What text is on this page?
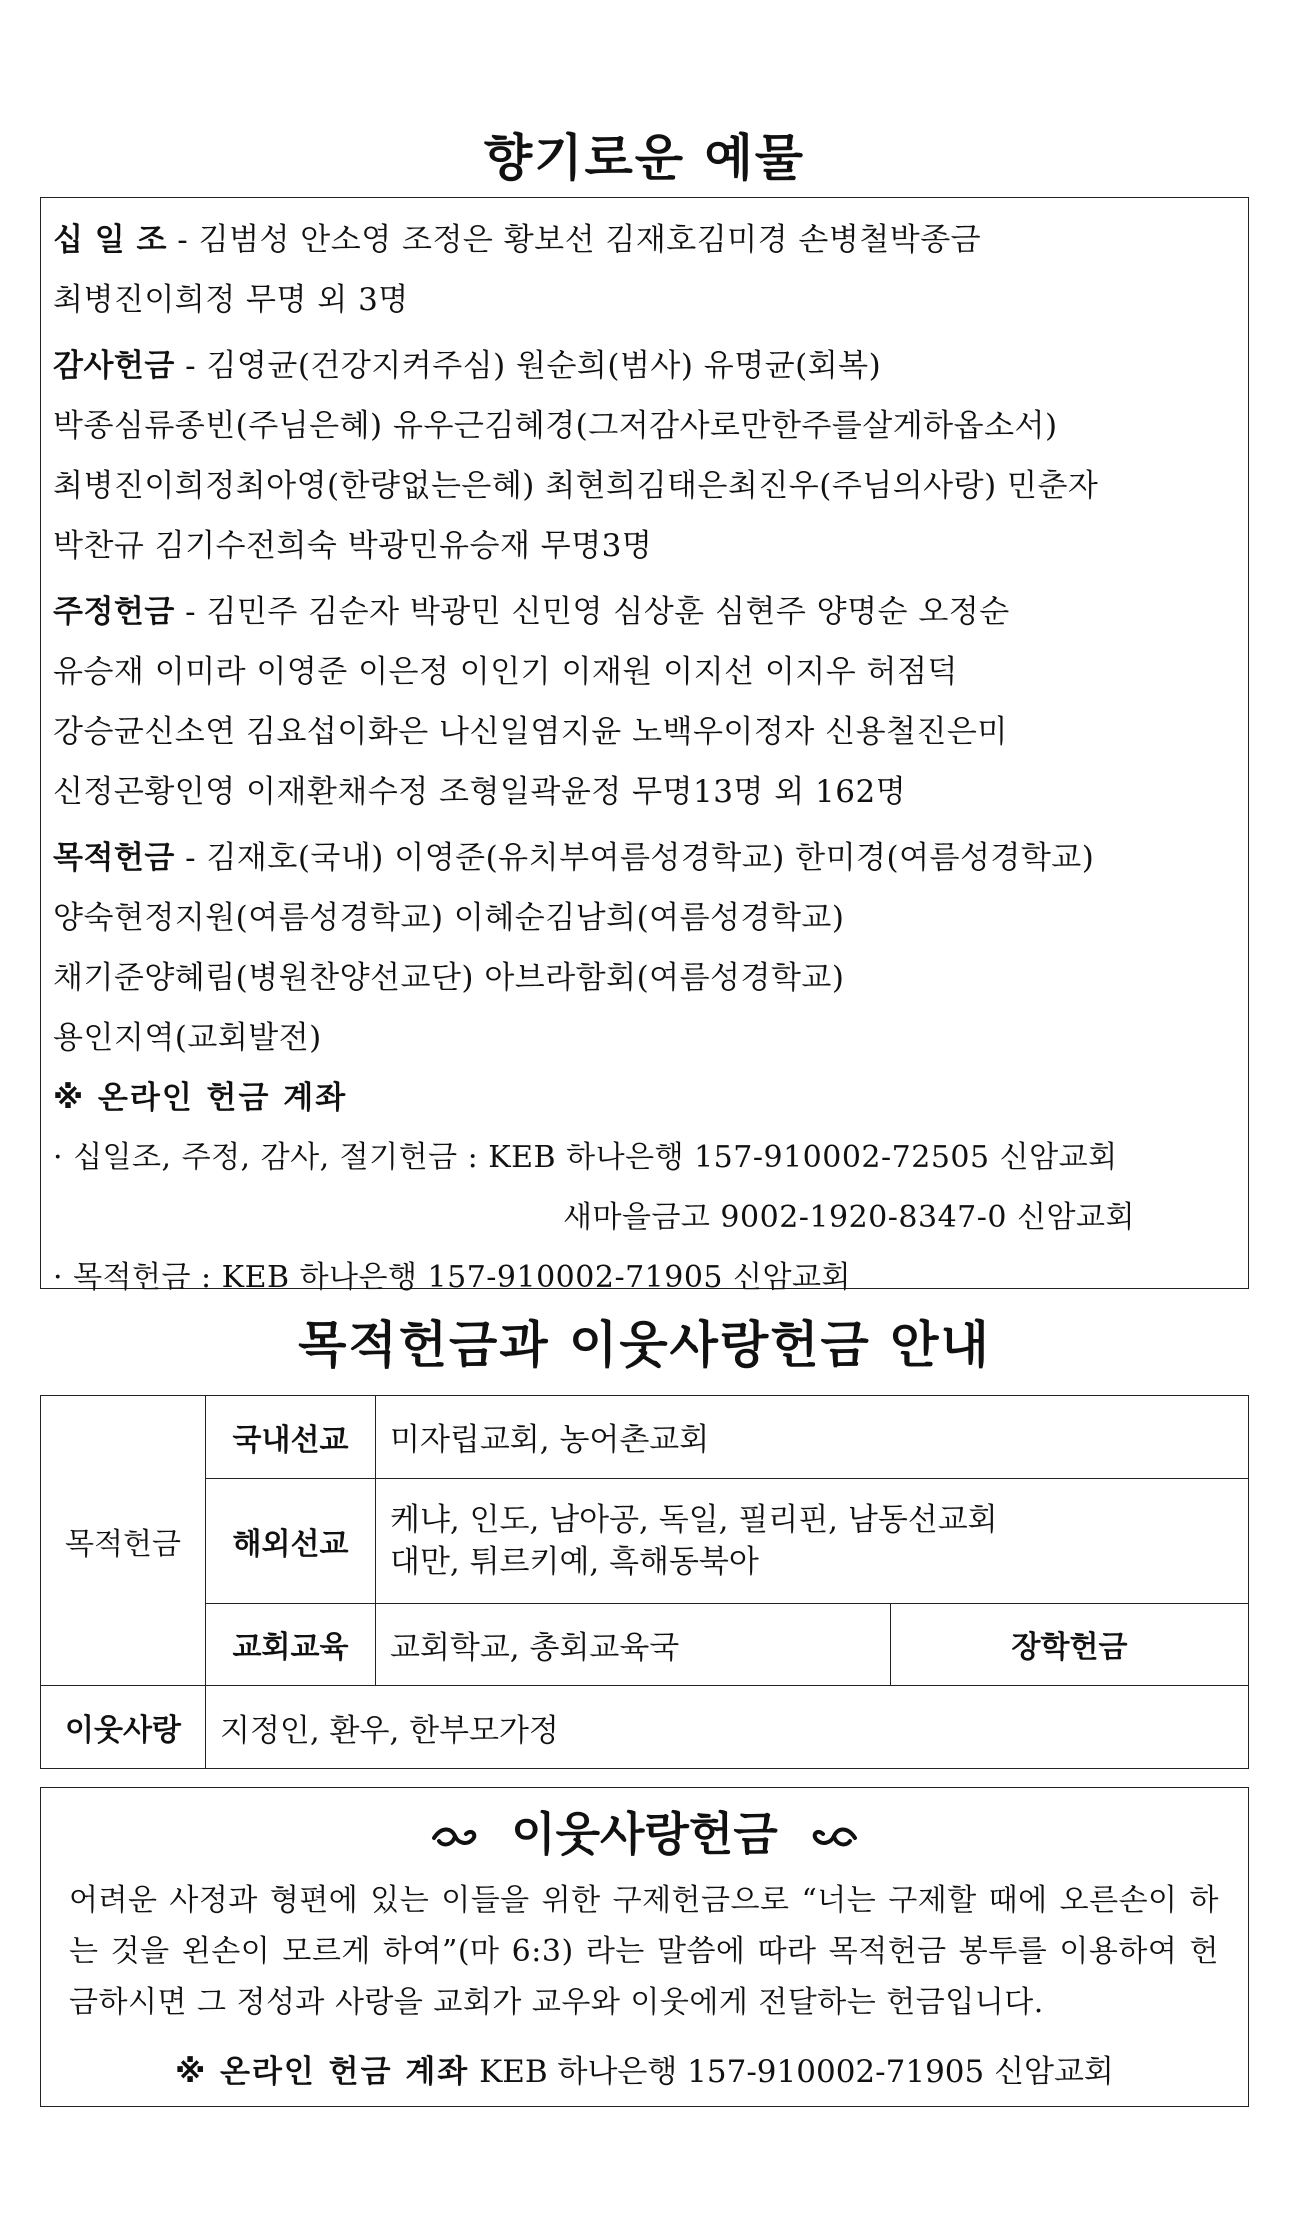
향기로운 예물
십 일 조 - 김범성 안소영 조정은 황보선 김재호김미경 손병철박종금
최병진이희정 무명 외 3명
감사헌금 - 김영균(건강지켜주심) 원순희(범사) 유명균(회복)
박종심류종빈(주님은혜) 유우근김혜경(그저감사로만한주를살게하옵소서)
최병진이희정최아영(한량없는은혜) 최현희김태은최진우(주님의사랑) 민춘자
박찬규 김기수전희숙 박광민유승재 무명3명
주정헌금 - 김민주 김순자 박광민 신민영 심상훈 심현주 양명순 오정순
유승재 이미라 이영준 이은정 이인기 이재원 이지선 이지우 허점덕
강승균신소연 김요섭이화은 나신일염지윤 노백우이정자 신용철진은미
신정곤황인영 이재환채수정 조형일곽윤정 무명13명 외 162명
목적헌금 - 김재호(국내) 이영준(유치부여름성경학교) 한미경(여름성경학교)
양숙현정지원(여름성경학교) 이혜순김남희(여름성경학교)
채기준양혜림(병원찬양선교단) 아브라함회(여름성경학교)
용인지역(교회발전)
※ 온라인 헌금 계좌
· 십일조, 주정, 감사, 절기헌금 : KEB 하나은행 157-910002-72505 신암교회
새마을금고 9002-1920-8347-0 신암교회
· 목적헌금 : KEB 하나은행 157-910002-71905 신암교회
목적헌금과 이웃사랑헌금 안내
목적헌금	국내선교	미자립교회, 농어촌교회	
	해외선교	케냐, 인도, 남아공, 독일, 필리핀, 남동선교회
대만, 튀르키예, 흑해동북아	

	교회교육	교회학교, 총회교육국	장학헌금
이웃사랑	지정인, 환우, 한부모가정		
이웃사랑헌금
어려운 사정과 형편에 있는 이들을 위한 구제헌금으로 “너는 구제할 때에 오른손이 하는 것을 왼손이 모르게 하여”(마 6:3) 라는 말씀에 따라 목적헌금 봉투를 이용하여 헌금하시면 그 정성과 사랑을 교회가 교우와 이웃에게 전달하는 헌금입니다.
※ 온라인 헌금 계좌 KEB 하나은행 157-910002-71905 신암교회
